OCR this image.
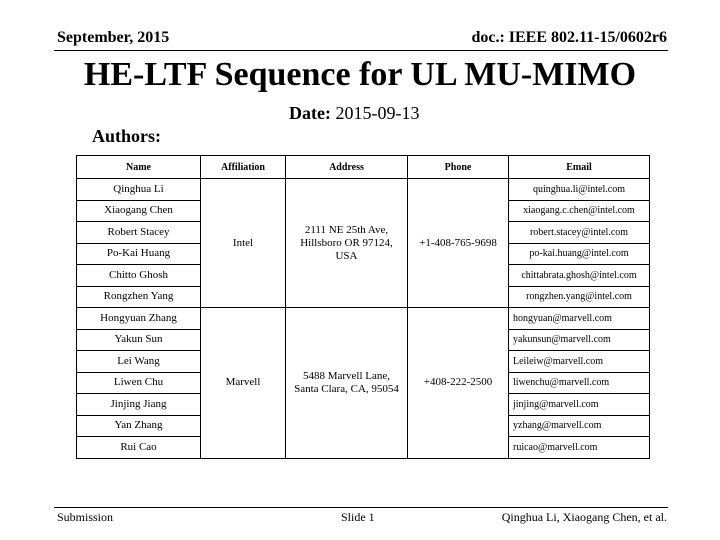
September, 2015	doc.: IEEE 802.11-15/0602r6
HE-LTF Sequence for UL MU-MIMO
Date: 2015-09-13
Authors:
Name	Affiliation	Address	Phone	Email
Qinghua Li	Intel	2111 NE 25th Ave, Hillsboro OR 97124, USA	+1-408-765-9698	quinghua.li@intel.com
Xiaogang Chen				xiaogang.c.chen@intel.com
Robert Stacey				robert.stacey@intel.com
Po-Kai Huang				po-kai.huang@intel.com
Chitto Ghosh				chittabrata.ghosh@intel.com
Rongzhen Yang				rongzhen.yang@intel.com
Hongyuan Zhang	Marvell	5488 Marvell Lane, Santa Clara, CA, 95054	+408-222-2500	hongyuan@marvell.com
Yakun Sun				yakunsun@marvell.com
Lei Wang				Leileiw@marvell.com
Liwen Chu				liwenchu@marvell.com
Jinjing Jiang				jinjing@marvell.com
Yan Zhang				yzhang@marvell.com
Rui Cao				ruicao@marvell.com
Submission	Slide 1	Qinghua Li, Xiaogang Chen, et al.
